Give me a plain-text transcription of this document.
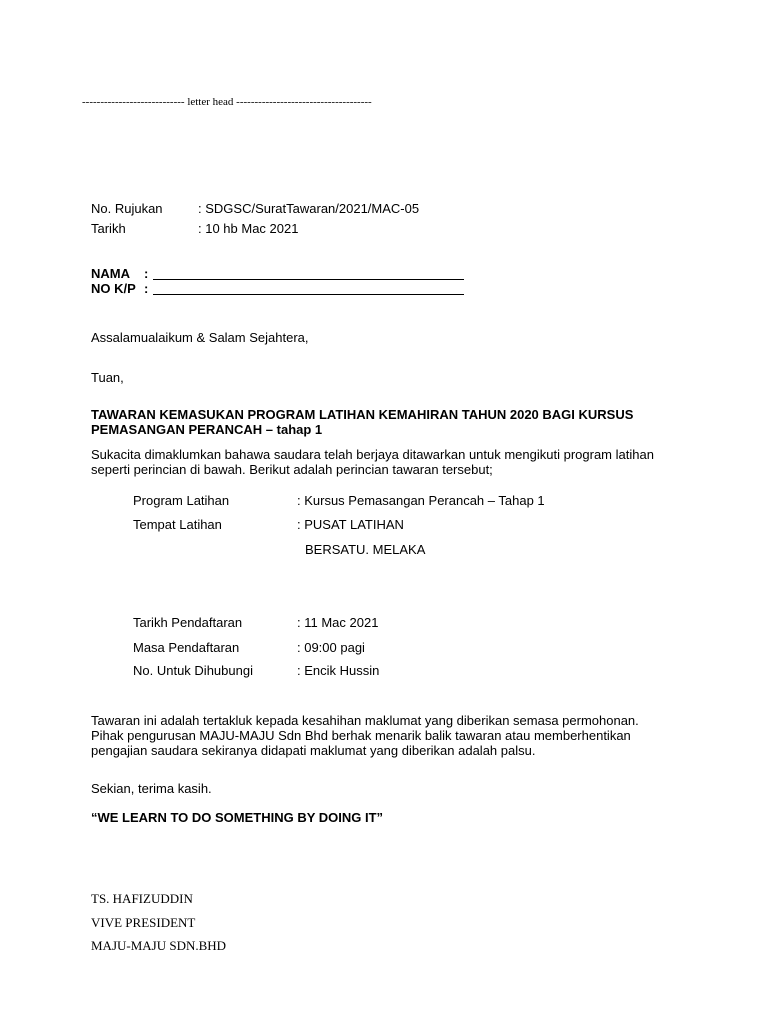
---------------------------- letter head -------------------------------------
No. Rujukan	: SDGSC/SuratTawaran/2021/MAC-05
Tarikh	: 10 hb Mac 2021
NAMA :
NO K/P :
Assalamualaikum & Salam Sejahtera,
Tuan,
TAWARAN KEMASUKAN PROGRAM LATIHAN KEMAHIRAN TAHUN 2020 BAGI KURSUS
PEMASANGAN PERANCAH – tahap 1
Sukacita dimaklumkan bahawa saudara telah berjaya ditawarkan untuk mengikuti program latihan
seperti perincian di bawah. Berikut adalah perincian tawaran tersebut;
Program Latihan	: Kursus Pemasangan Perancah – Tahap 1
Tempat Latihan	: PUSAT LATIHAN
BERSATU. MELAKA
Tarikh Pendaftaran	: 11 Mac 2021
Masa Pendaftaran	: 09:00 pagi
No. Untuk Dihubungi	: Encik Hussin
Tawaran ini adalah tertakluk kepada kesahihan maklumat yang diberikan semasa permohonan.
Pihak pengurusan MAJU-MAJU Sdn Bhd berhak menarik balik tawaran atau memberhentikan
pengajian saudara sekiranya didapati maklumat yang diberikan adalah palsu.
Sekian, terima kasih.
“WE LEARN TO DO SOMETHING BY DOING IT”
TS. HAFIZUDDIN
VIVE PRESIDENT
MAJU-MAJU SDN.BHD
